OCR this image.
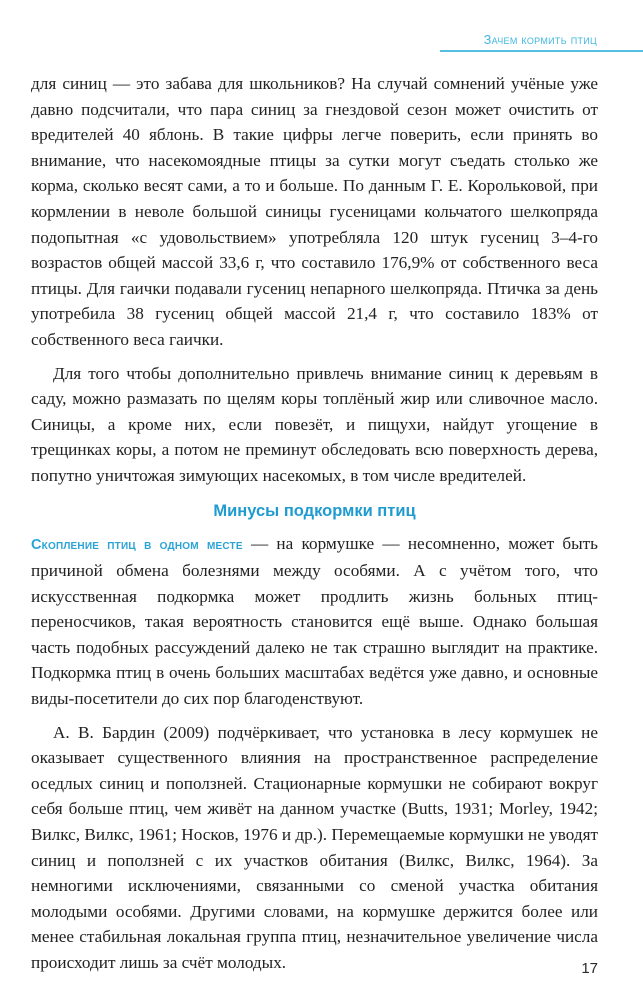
Зачем кормить птиц

для синиц — это забава для школьников? На случай сомнений учёные уже давно подсчитали, что пара синиц за гнездовой сезон может очистить от вредителей 40 яблонь. В такие цифры легче поверить, если принять во внимание, что насекомоядные птицы за сутки могут съедать столько же корма, сколько весят сами, а то и больше. По данным Г. Е. Корольковой, при кормлении в неволе большой синицы гусеницами кольчатого шелкопряда подопытная «с удовольствием» употребляла 120 штук гусениц 3–4-го возрастов общей массой 33,6 г, что составило 176,9% от собственного веса птицы. Для гаички подавали гусениц непарного шелкопряда. Птичка за день употребила 38 гусениц общей массой 21,4 г, что составило 183% от собственного веса гаички.

Для того чтобы дополнительно привлечь внимание синиц к деревьям в саду, можно размазать по щелям коры топлёный жир или сливочное масло. Синицы, а кроме них, если повезёт, и пищухи, найдут угощение в трещинках коры, а потом не преминут обследовать всю поверхность дерева, попутно уничтожая зимующих насекомых, в том числе вредителей.

Минусы подкормки птиц

Скопление птиц в одном месте — на кормушке — несомненно, может быть причиной обмена болезнями между особями. А с учётом того, что искусственная подкормка может продлить жизнь больных птиц-переносчиков, такая вероятность становится ещё выше. Однако большая часть подобных рассуждений далеко не так страшно выглядит на практике. Подкормка птиц в очень больших масштабах ведётся уже давно, и основные виды-посетители до сих пор благоденствуют.

А. В. Бардин (2009) подчёркивает, что установка в лесу кормушек не оказывает существенного влияния на пространственное распределение оседлых синиц и поползней. Стационарные кормушки не собирают вокруг себя больше птиц, чем живёт на данном участке (Butts, 1931; Morley, 1942; Вилкс, Вилкс, 1961; Носков, 1976 и др.). Перемещаемые кормушки не уводят синиц и поползней с их участков обитания (Вилкс, Вилкс, 1964). За немногими исключениями, связанными со сменой участка обитания молодыми особями. Другими словами, на кормушке держится более или менее стабильная локальная группа птиц, незначительное увеличение числа происходит лишь за счёт молодых.	17
